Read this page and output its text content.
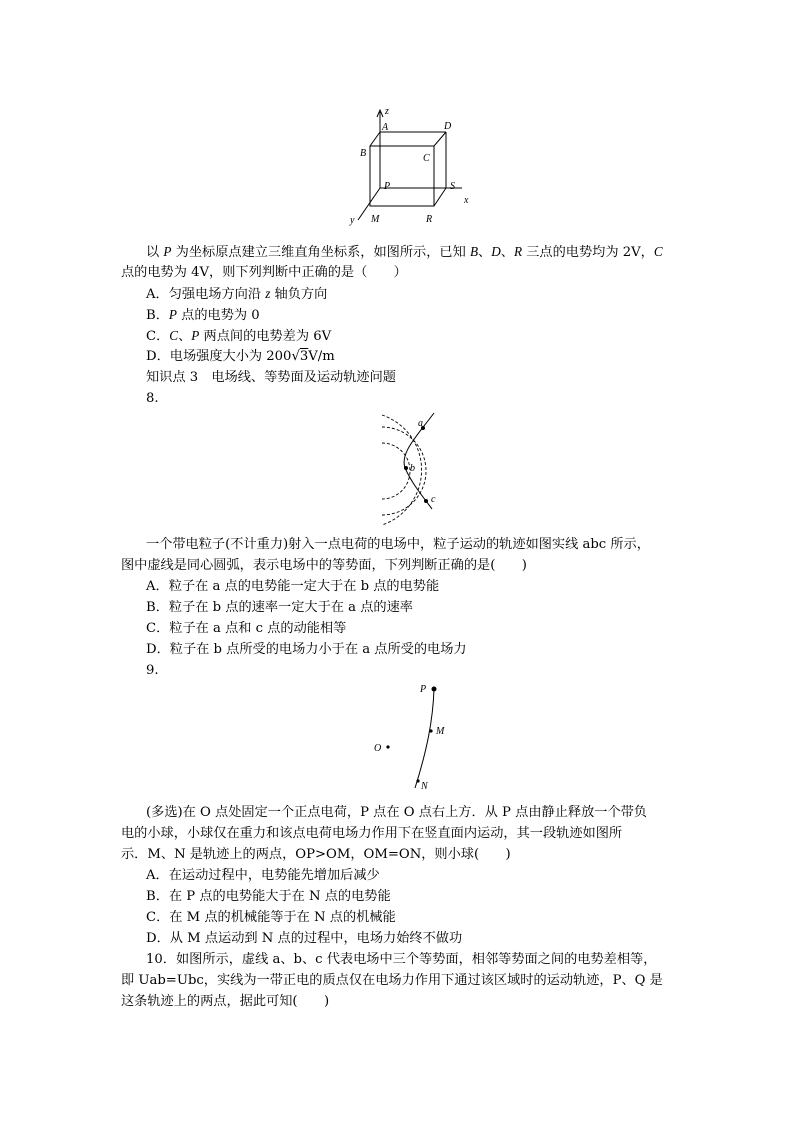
z
A	D
B	C
P	S
x
y M	R
以 P 为坐标原点建立三维直角坐标系，如图所示，已知 B、D、R 三点的电势均为 2V，C
点的电势为 4V，则下列判断中正确的是（　　）
A．匀强电场方向沿 z 轴负方向
B．P 点的电势为 0
C．C、P 两点间的电势差为 6V
D．电场强度大小为 200√3V/m
知识点 3　电场线、等势面及运动轨迹问题
8.
a
b
c
一个带电粒子(不计重力)射入一点电荷的电场中，粒子运动的轨迹如图实线 abc 所示，
图中虚线是同心圆弧，表示电场中的等势面，下列判断正确的是(　　)
A．粒子在 a 点的电势能一定大于在 b 点的电势能
B．粒子在 b 点的速率一定大于在 a 点的速率
C．粒子在 a 点和 c 点的动能相等
D．粒子在 b 点所受的电场力小于在 a 点所受的电场力
9.
P
M
O
N
(多选)在 O 点处固定一个正点电荷，P 点在 O 点右上方．从 P 点由静止释放一个带负
电的小球，小球仅在重力和该点电荷电场力作用下在竖直面内运动，其一段轨迹如图所
示．M、N 是轨迹上的两点，OP>OM，OM=ON，则小球(　　)
A．在运动过程中，电势能先增加后减少
B．在 P 点的电势能大于在 N 点的电势能
C．在 M 点的机械能等于在 N 点的机械能
D．从 M 点运动到 N 点的过程中，电场力始终不做功
10．如图所示，虚线 a、b、c 代表电场中三个等势面，相邻等势面之间的电势差相等，
即 Uab=Ubc，实线为一带正电的质点仅在电场力作用下通过该区域时的运动轨迹，P、Q 是
这条轨迹上的两点，据此可知(　　)
